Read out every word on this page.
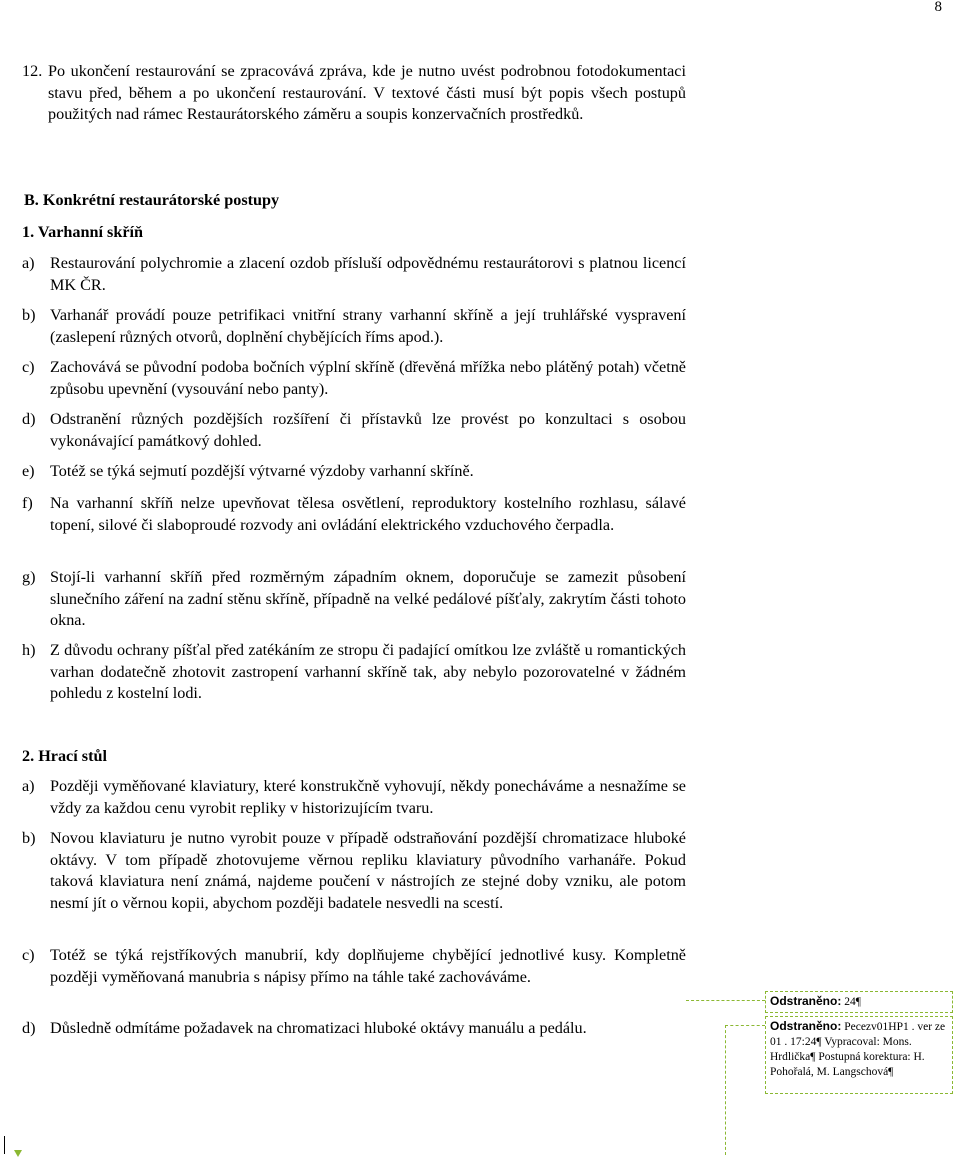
8
12. Po ukončení restaurování se zpracovává zpráva, kde je nutno uvést podrobnou fotodokumentaci stavu před, během a po ukončení restaurování. V textové části musí být popis všech postupů použitých nad rámec Restaurátorského záměru a soupis konzervačních prostředků.
B. Konkrétní restaurátorské postupy
1. Varhanní skříň
a) Restaurování polychromie a zlacení ozdob přísluší odpovědnému restaurátorovi s platnou licencí MK ČR.
b) Varhanář provádí pouze petrifikaci vnitřní strany varhanní skříně a její truhlářské vyspravení (zaslepení různých otvorů, doplnění chybějících říms apod.).
c) Zachovává se původní podoba bočních výplní skříně (dřevěná mřížka nebo plátěný potah) včetně způsobu upevnění (vysouvání nebo panty).
d) Odstranění různých pozdějších rozšíření či přístavků lze provést po konzultaci s osobou vykonávající památkový dohled.
e) Totéž se týká sejmutí pozdější výtvarné výzdoby varhanní skříně.
f)	Na varhanní skříň nelze upevňovat tělesa osvětlení, reproduktory kostelního rozhlasu, sálavé topení, silové či slaboproudé rozvody ani ovládání elektrického vzduchového čerpadla.
g) Stojí-li varhanní skříň před rozměrným západním oknem, doporučuje se zamezit působení slunečního záření na zadní stěnu skříně, případně na velké pedálové píšťaly, zakrytím části tohoto okna.
h) Z důvodu ochrany píšťal před zatékáním ze stropu či padající omítkou lze zvláště u romantických varhan dodatečně zhotovit zastropení varhanní skříně tak, aby nebylo pozorovatelné v žádném pohledu z kostelní lodi.
2. Hrací stůl
a) Později vyměňované klaviatury, které konstrukčně vyhovují, někdy ponecháváme a nesnažíme se vždy za každou cenu vyrobit repliky v historizujícím tvaru.
b) Novou klaviaturu je nutno vyrobit pouze v případě odstraňování pozdější chromatizace hluboké oktávy. V tom případě zhotovujeme věrnou repliku klaviatury původního varhanáře. Pokud taková klaviatura není známá, najdeme poučení v nástrojích ze stejné doby vzniku, ale potom nesmí jít o věrnou kopii, abychom později badatele nesvedli na scestí.
c) Totéž se týká rejstříkových manubrií, kdy doplňujeme chybějící jednotlivé kusy. Kompletně později vyměňovaná manubria s nápisy přímo na táhle také zachováváme.
d) Důsledně odmítáme požadavek na chromatizaci hluboké oktávy manuálu a pedálu.
Odstraněno: 24¶
Odstraněno: Pecezv01HP1 . ver ze 01 . 17:24¶ Vypracoval: Mons. Hrdlička¶ Postupná korektura: H. Pohořalá, M. Langschová¶
